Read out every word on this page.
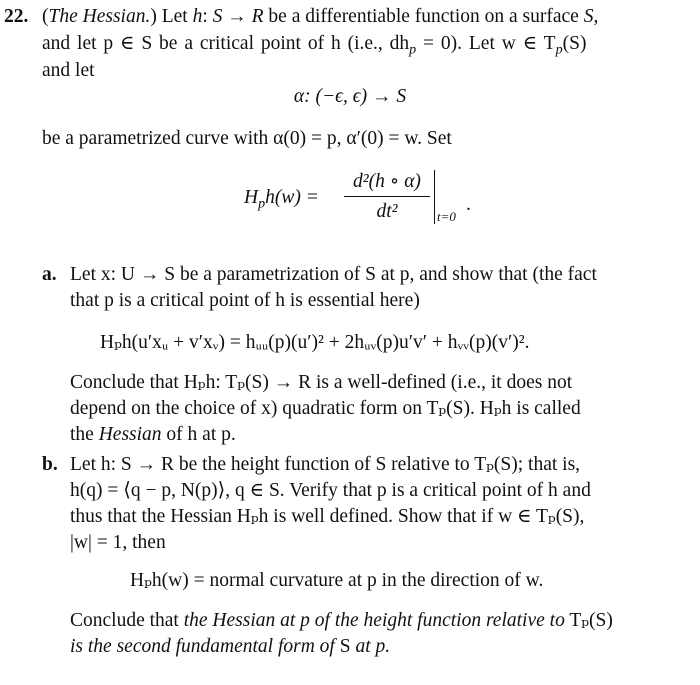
22. (The Hessian.) Let h: S → R be a differentiable function on a surface S,
and let p ∈ S be a critical point of h (i.e., $dh_p = 0$). Let w ∈ $T_p(S)$
and let
α: (−ϵ, ϵ) → S
be a parametrized curve with α(0) = p, α′(0) = w. Set
$H_ph(w)$ =
d²(h ∘ α)
dt²	t=0
.
a. Let x: U → S be a parametrization of S at p, and show that (the fact
that p is a critical point of h is essential here)
Hₚh(u′xᵤ + v′xᵥ) = hᵤᵤ(p)(u′)² + 2hᵤᵥ(p)u′v′ + hᵥᵥ(p)(v′)².
Conclude that Hₚh: Tₚ(S) → R is a well-defined (i.e., it does not
depend on the choice of x) quadratic form on Tₚ(S). Hₚh is called
the Hessian of h at p.
b. Let h: S → R be the height function of S relative to Tₚ(S); that is,
h(q) = ⟨q − p, N(p)⟩, q ∈ S. Verify that p is a critical point of h and
thus that the Hessian Hₚh is well defined. Show that if w ∈ Tₚ(S),
|w| = 1, then
Hₚh(w) = normal curvature at p in the direction of w.
Conclude that the Hessian at p of the height function relative to Tₚ(S)
is the second fundamental form of S at p.
